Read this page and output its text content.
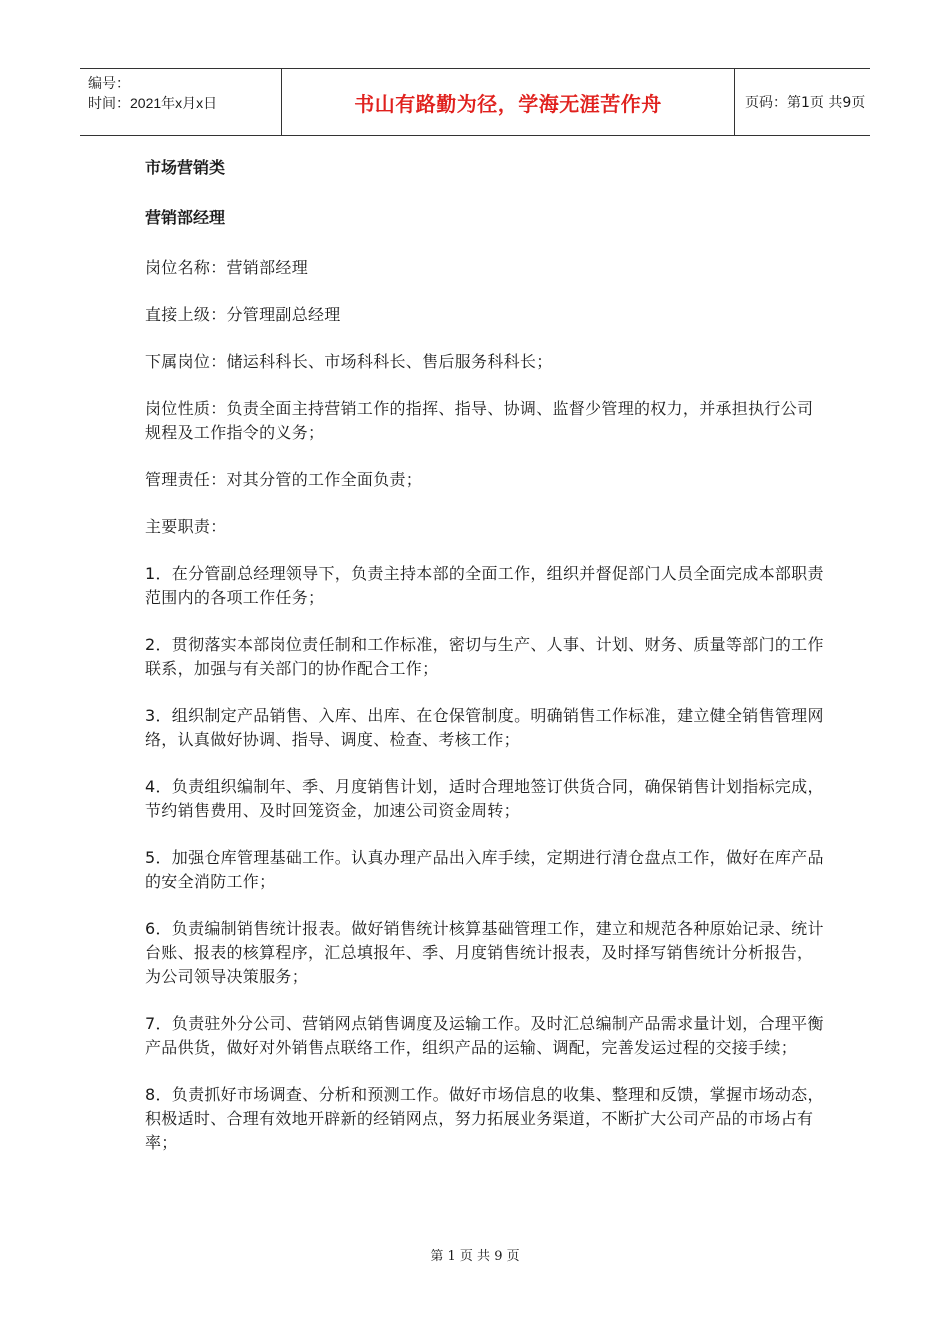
编号：
时间：2021年x月x日	书山有路勤为径，学海无涯苦作舟	页码：第1页 共9页
市场营销类
营销部经理
岗位名称：营销部经理
直接上级：分管理副总经理
下属岗位：储运科科长、市场科科长、售后服务科科长；
岗位性质：负责全面主持营销工作的指挥、指导、协调、监督少管理的权力，并承担执行公司规程及工作指令的义务；
管理责任：对其分管的工作全面负责；
主要职责：
1．在分管副总经理领导下，负责主持本部的全面工作，组织并督促部门人员全面完成本部职责范围内的各项工作任务；
2．贯彻落实本部岗位责任制和工作标准，密切与生产、人事、计划、财务、质量等部门的工作联系，加强与有关部门的协作配合工作；
3．组织制定产品销售、入库、出库、在仓保管制度。明确销售工作标准，建立健全销售管理网络，认真做好协调、指导、调度、检查、考核工作；
4．负责组织编制年、季、月度销售计划，适时合理地签订供货合同，确保销售计划指标完成，节约销售费用、及时回笼资金，加速公司资金周转；
5．加强仓库管理基础工作。认真办理产品出入库手续，定期进行清仓盘点工作，做好在库产品的安全消防工作；
6．负责编制销售统计报表。做好销售统计核算基础管理工作，建立和规范各种原始记录、统计台账、报表的核算程序，汇总填报年、季、月度销售统计报表，及时择写销售统计分析报告，为公司领导决策服务；
7．负责驻外分公司、营销网点销售调度及运输工作。及时汇总编制产品需求量计划，合理平衡产品供货，做好对外销售点联络工作，组织产品的运输、调配，完善发运过程的交接手续；
8．负责抓好市场调查、分析和预测工作。做好市场信息的收集、整理和反馈，掌握市场动态，积极适时、合理有效地开辟新的经销网点，努力拓展业务渠道，不断扩大公司产品的市场占有率；
第 1 页 共 9 页
